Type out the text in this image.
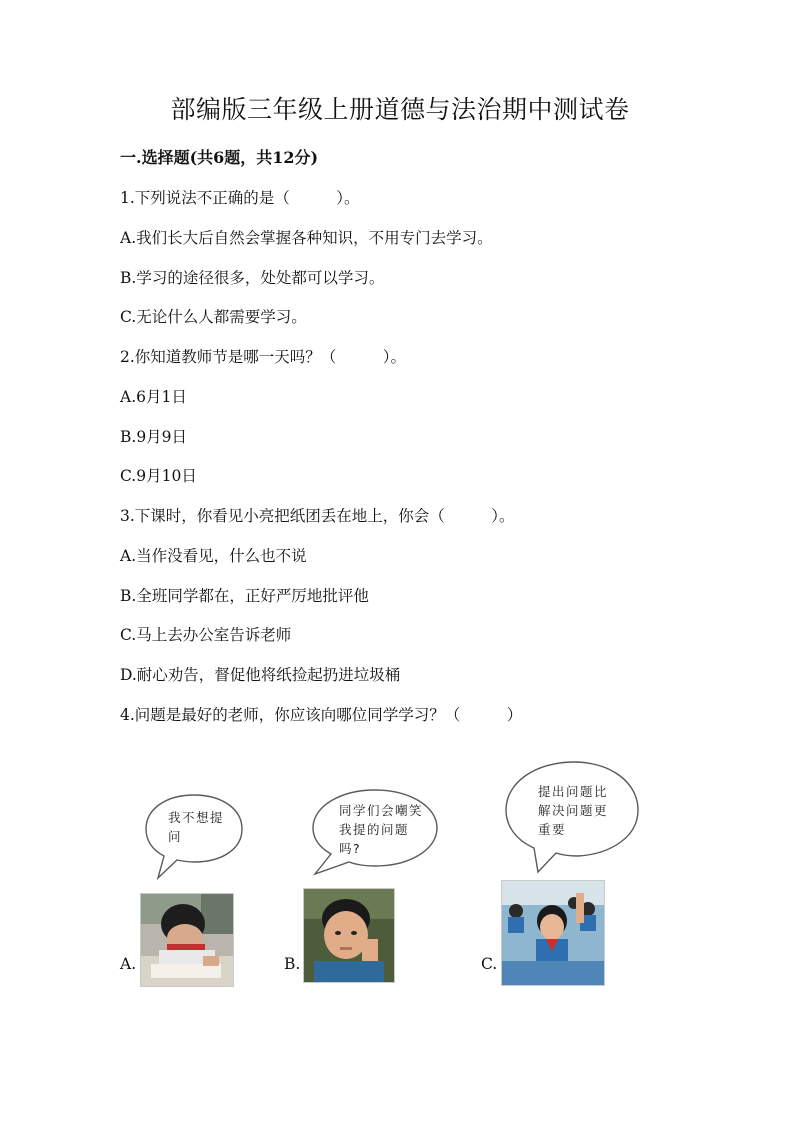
部编版三年级上册道德与法治期中测试卷
一.选择题(共6题，共12分)
1.下列说法不正确的是（　　　）。
A.我们长大后自然会掌握各种知识，不用专门去学习。
B.学习的途径很多，处处都可以学习。
C.无论什么人都需要学习。
2.你知道教师节是哪一天吗？（　　　）。
A.6月1日
B.9月9日
C.9月10日
3.下课时，你看见小亮把纸团丢在地上，你会（　　　）。
A.当作没看见，什么也不说
B.全班同学都在，正好严厉地批评他
C.马上去办公室告诉老师
D.耐心劝告，督促他将纸捡起扔进垃圾桶
4.问题是最好的老师，你应该向哪位同学学习？（　　　）
我不想提
问
同学们会嘲笑
我提的问题
吗?
提出问题比
解决问题更
重要
A.	B.	C.
